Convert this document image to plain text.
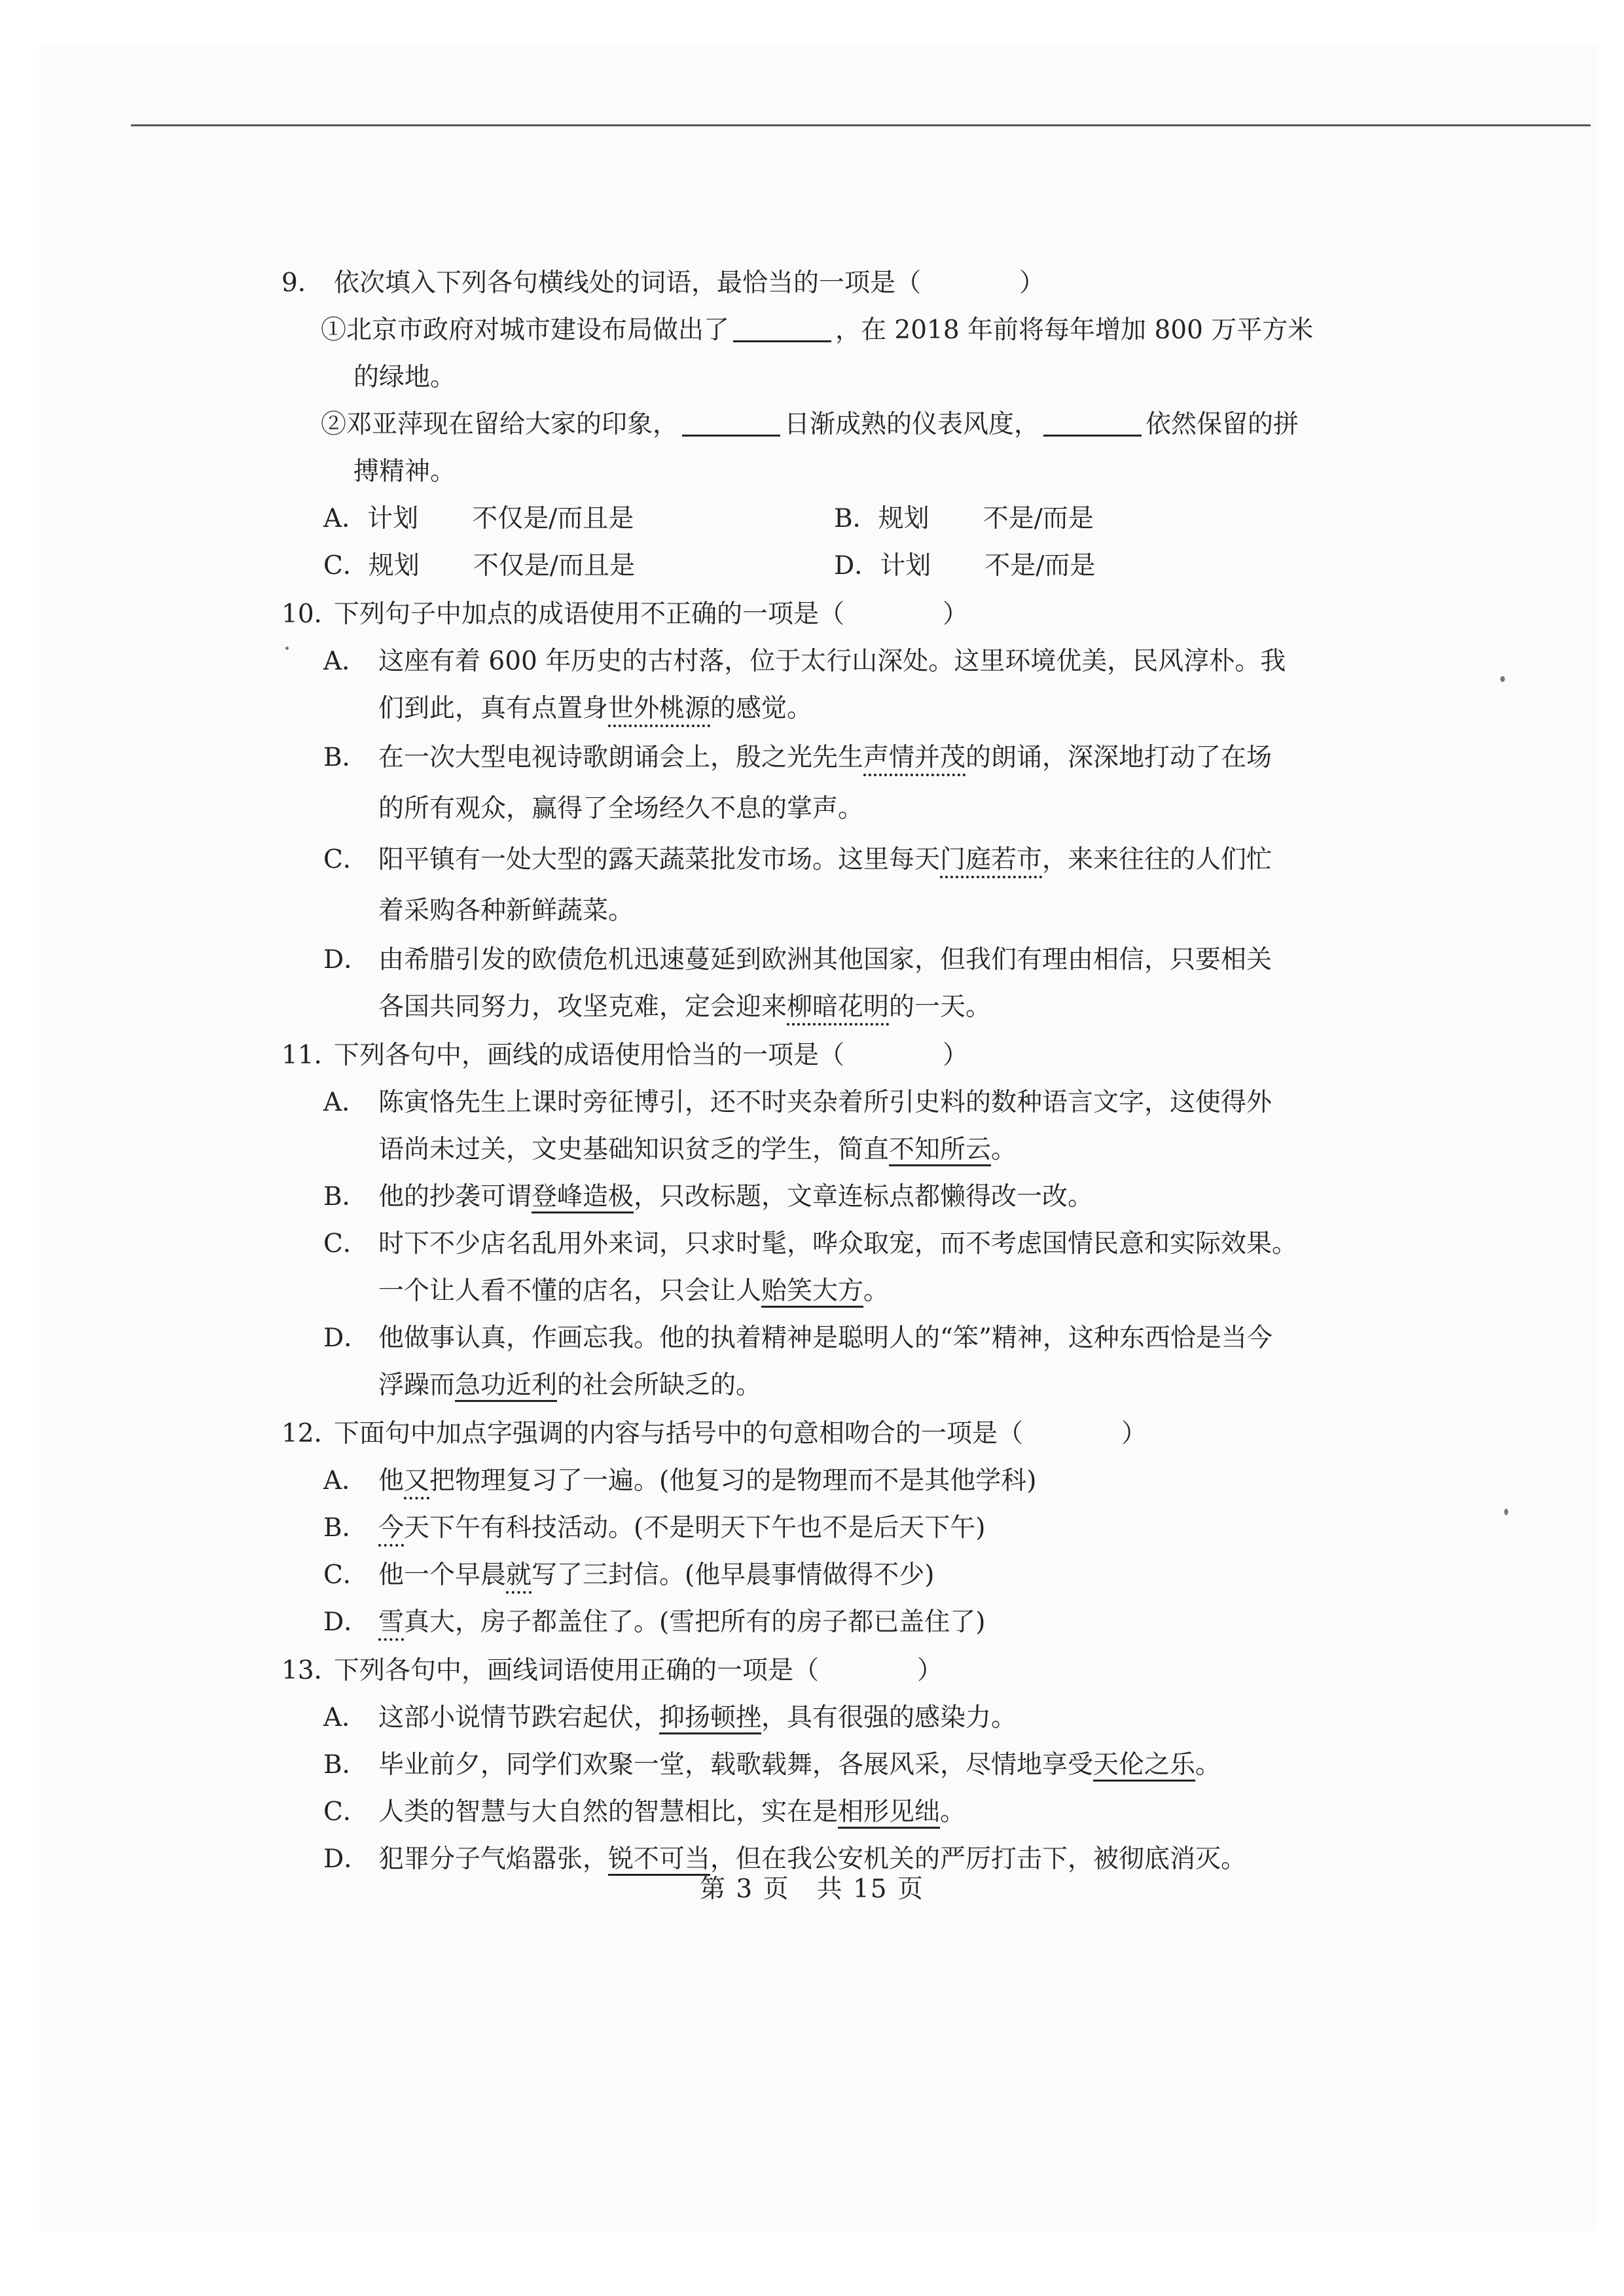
9． 依次填入下列各句横线处的词语，最恰当的一项是（	）
①北京市政府对城市建设布局做出了	，在 2018 年前将每年增加 800 万平方米
的绿地。
②邓亚萍现在留给大家的印象，	日渐成熟的仪表风度，	依然保留的拼
搏精神。
A．计划 不仅是/而且是	B．规划 不是/而是
C．规划 不仅是/而且是	D．计划 不是/而是
10．
下列句子中加点的成语使用不正确的一项是（	）
A． 这座有着 600 年历史的古村落，位于太行山深处。这里环境优美，民风淳朴。我
们到此，真有点置身世外桃源的感觉。
B． 在一次大型电视诗歌朗诵会上，殷之光先生声情并茂的朗诵，深深地打动了在场
的所有观众，赢得了全场经久不息的掌声。
C． 阳平镇有一处大型的露天蔬菜批发市场。这里每天门庭若市，来来往往的人们忙
着采购各种新鲜蔬菜。
D． 由希腊引发的欧债危机迅速蔓延到欧洲其他国家，但我们有理由相信，只要相关
各国共同努力，攻坚克难，定会迎来柳暗花明的一天。
11．
下列各句中，画线的成语使用恰当的一项是（	）
A． 陈寅恪先生上课时旁征博引，还不时夹杂着所引史料的数种语言文字，这使得外
语尚未过关，文史基础知识贫乏的学生，简直不知所云。
B． 他的抄袭可谓登峰造极，只改标题，文章连标点都懒得改一改。
C． 时下不少店名乱用外来词，只求时髦，哗众取宠，而不考虑国情民意和实际效果。
一个让人看不懂的店名，只会让人贻笑大方。
D． 他做事认真，作画忘我。他的执着精神是聪明人的“笨”精神，这种东西恰是当今
浮躁而急功近利的社会所缺乏的。
12．
下面句中加点字强调的内容与括号中的句意相吻合的一项是（	）
A． 他又把物理复习了一遍。(他复习的是物理而不是其他学科)
B． 今天下午有科技活动。(不是明天下午也不是后天下午)
C． 他一个早晨就写了三封信。(他早晨事情做得不少)
D． 雪真大，房子都盖住了。(雪把所有的房子都已盖住了)
13．
下列各句中，画线词语使用正确的一项是（	）
A． 这部小说情节跌宕起伏，抑扬顿挫，具有很强的感染力。
B． 毕业前夕，同学们欢聚一堂，载歌载舞，各展风采，尽情地享受天伦之乐。
C． 人类的智慧与大自然的智慧相比，实在是相形见绌。
D． 犯罪分子气焰嚣张，锐不可当，但在我公安机关的严厉打击下，被彻底消灭。
第 3 页　共 15 页
